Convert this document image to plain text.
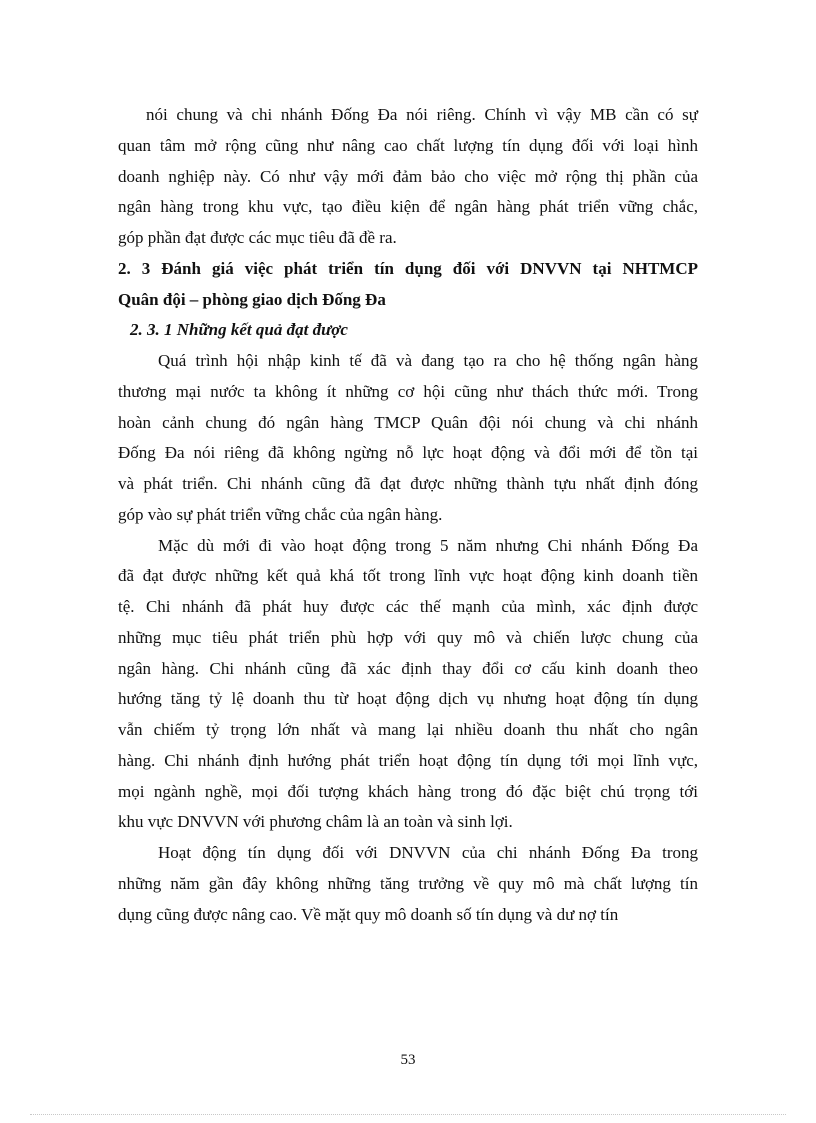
nói chung và chi nhánh Đống Đa nói riêng. Chính vì vậy MB cần có sự
quan tâm mở rộng cũng như nâng cao chất lượng tín dụng đối với loại hình
doanh nghiệp này. Có như vậy mới đảm bảo cho việc mở rộng thị phần của
ngân hàng trong khu vực, tạo điều kiện để ngân hàng phát triển vững chắc,
góp phần đạt được các mục tiêu đã đề ra.
2. 3 Đánh giá việc phát triển tín dụng đối với DNVVN tại NHTMCP
Quân đội – phòng giao dịch Đống Đa
2. 3. 1 Những kết quả đạt được
Quá trình hội nhập kinh tế đã và đang tạo ra cho hệ thống ngân hàng
thương mại nước ta không ít những cơ hội cũng như thách thức mới. Trong
hoàn cảnh chung đó ngân hàng TMCP Quân đội nói chung và chi nhánh
Đống Đa nói riêng đã không ngừng nỗ lực hoạt động và đổi mới để tồn tại
và phát triển. Chi nhánh cũng đã đạt được những thành tựu nhất định đóng
góp vào sự phát triển vững chắc của ngân hàng.
Mặc dù mới đi vào hoạt động trong 5 năm nhưng Chi nhánh Đống Đa
đã đạt được những kết quả khá tốt trong lĩnh vực hoạt động kinh doanh tiền
tệ. Chi nhánh đã phát huy được các thế mạnh của mình, xác định được
những mục tiêu phát triển phù hợp với quy mô và chiến lược chung của
ngân hàng. Chi nhánh cũng đã xác định thay đổi cơ cấu kinh doanh theo
hướng tăng tỷ lệ doanh thu từ hoạt động dịch vụ nhưng hoạt động tín dụng
vẫn chiếm tỷ trọng lớn nhất và mang lại nhiều doanh thu nhất cho ngân
hàng. Chi nhánh định hướng phát triển hoạt động tín dụng tới mọi lĩnh vực,
mọi ngành nghề, mọi đối tượng khách hàng trong đó đặc biệt chú trọng tới
khu vực DNVVN với phương châm là an toàn và sinh lợi.
Hoạt động tín dụng đối với DNVVN của chi nhánh Đống Đa trong
những năm gần đây không những tăng trưởng về quy mô mà chất lượng tín
dụng cũng được nâng cao. Về mặt quy mô doanh số tín dụng và dư nợ tín
53
